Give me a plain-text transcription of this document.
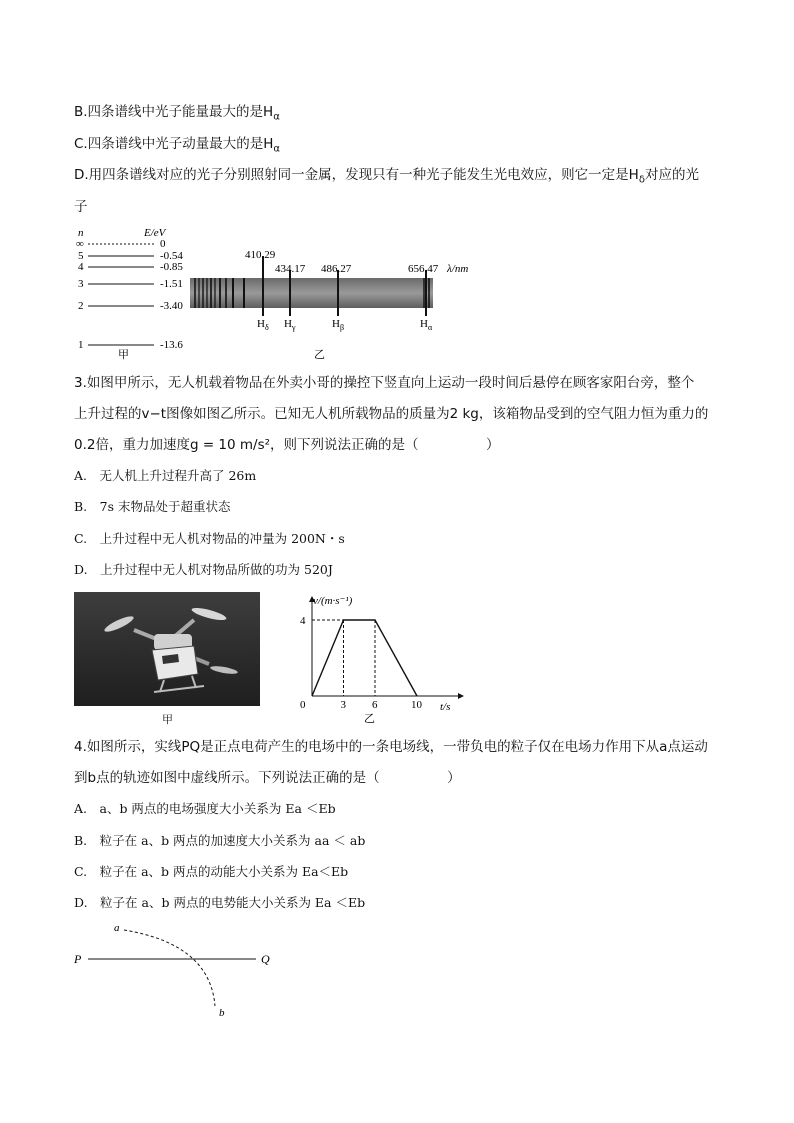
B.四条谱线中光子能量最大的是$H_\alpha$
C.四条谱线中光子动量最大的是$H_\alpha$
D.用四条谱线对应的光子分别照射同一金属，发现只有一种光子能发生光电效应，则它一定是$H_\delta$对应的光
子
n	E/eV
∞	0
5	-0.54
4	-0.85
3	-1.51
2	-3.40
1	-13.6
甲
410.29
$H_\delta$
434.17
$H_\gamma$
486.27
$H_\beta$
656.47 λ/nm
$H_\alpha$
乙
3.如图甲所示，无人机载着物品在外卖小哥的操控下竖直向上运动一段时间后悬停在顾客家阳台旁，整个
上升过程的v−t图像如图乙所示。已知无人机所载物品的质量为2 kg，该箱物品受到的空气阻力恒为重力的
0.2倍，重力加速度g = 10 m/s²，则下列说法正确的是（　　　　　）
A.　无人机上升过程升高了 26m
B.　7s 末物品处于超重状态
C.　上升过程中无人机对物品的冲量为 200N・s
D.　上升过程中无人机对物品所做的功为 520J
甲
v/(m·s⁻¹)
t/s
0	3 6	10
4
乙
4.如图所示，实线PQ是正点电荷产生的电场中的一条电场线，一带负电的粒子仅在电场力作用下从a点运动
到b点的轨迹如图中虚线所示。下列说法正确的是（　　　　　）
A.　a、b 两点的电场强度大小关系为 Ea ＜Eb
B.　粒子在 a、b 两点的加速度大小关系为 aa ＜ ab
C.　粒子在 a、b 两点的动能大小关系为 Ea＜Eb
D.　粒子在 a、b 两点的电势能大小关系为 Ea ＜Eb
P	Q
a
b
